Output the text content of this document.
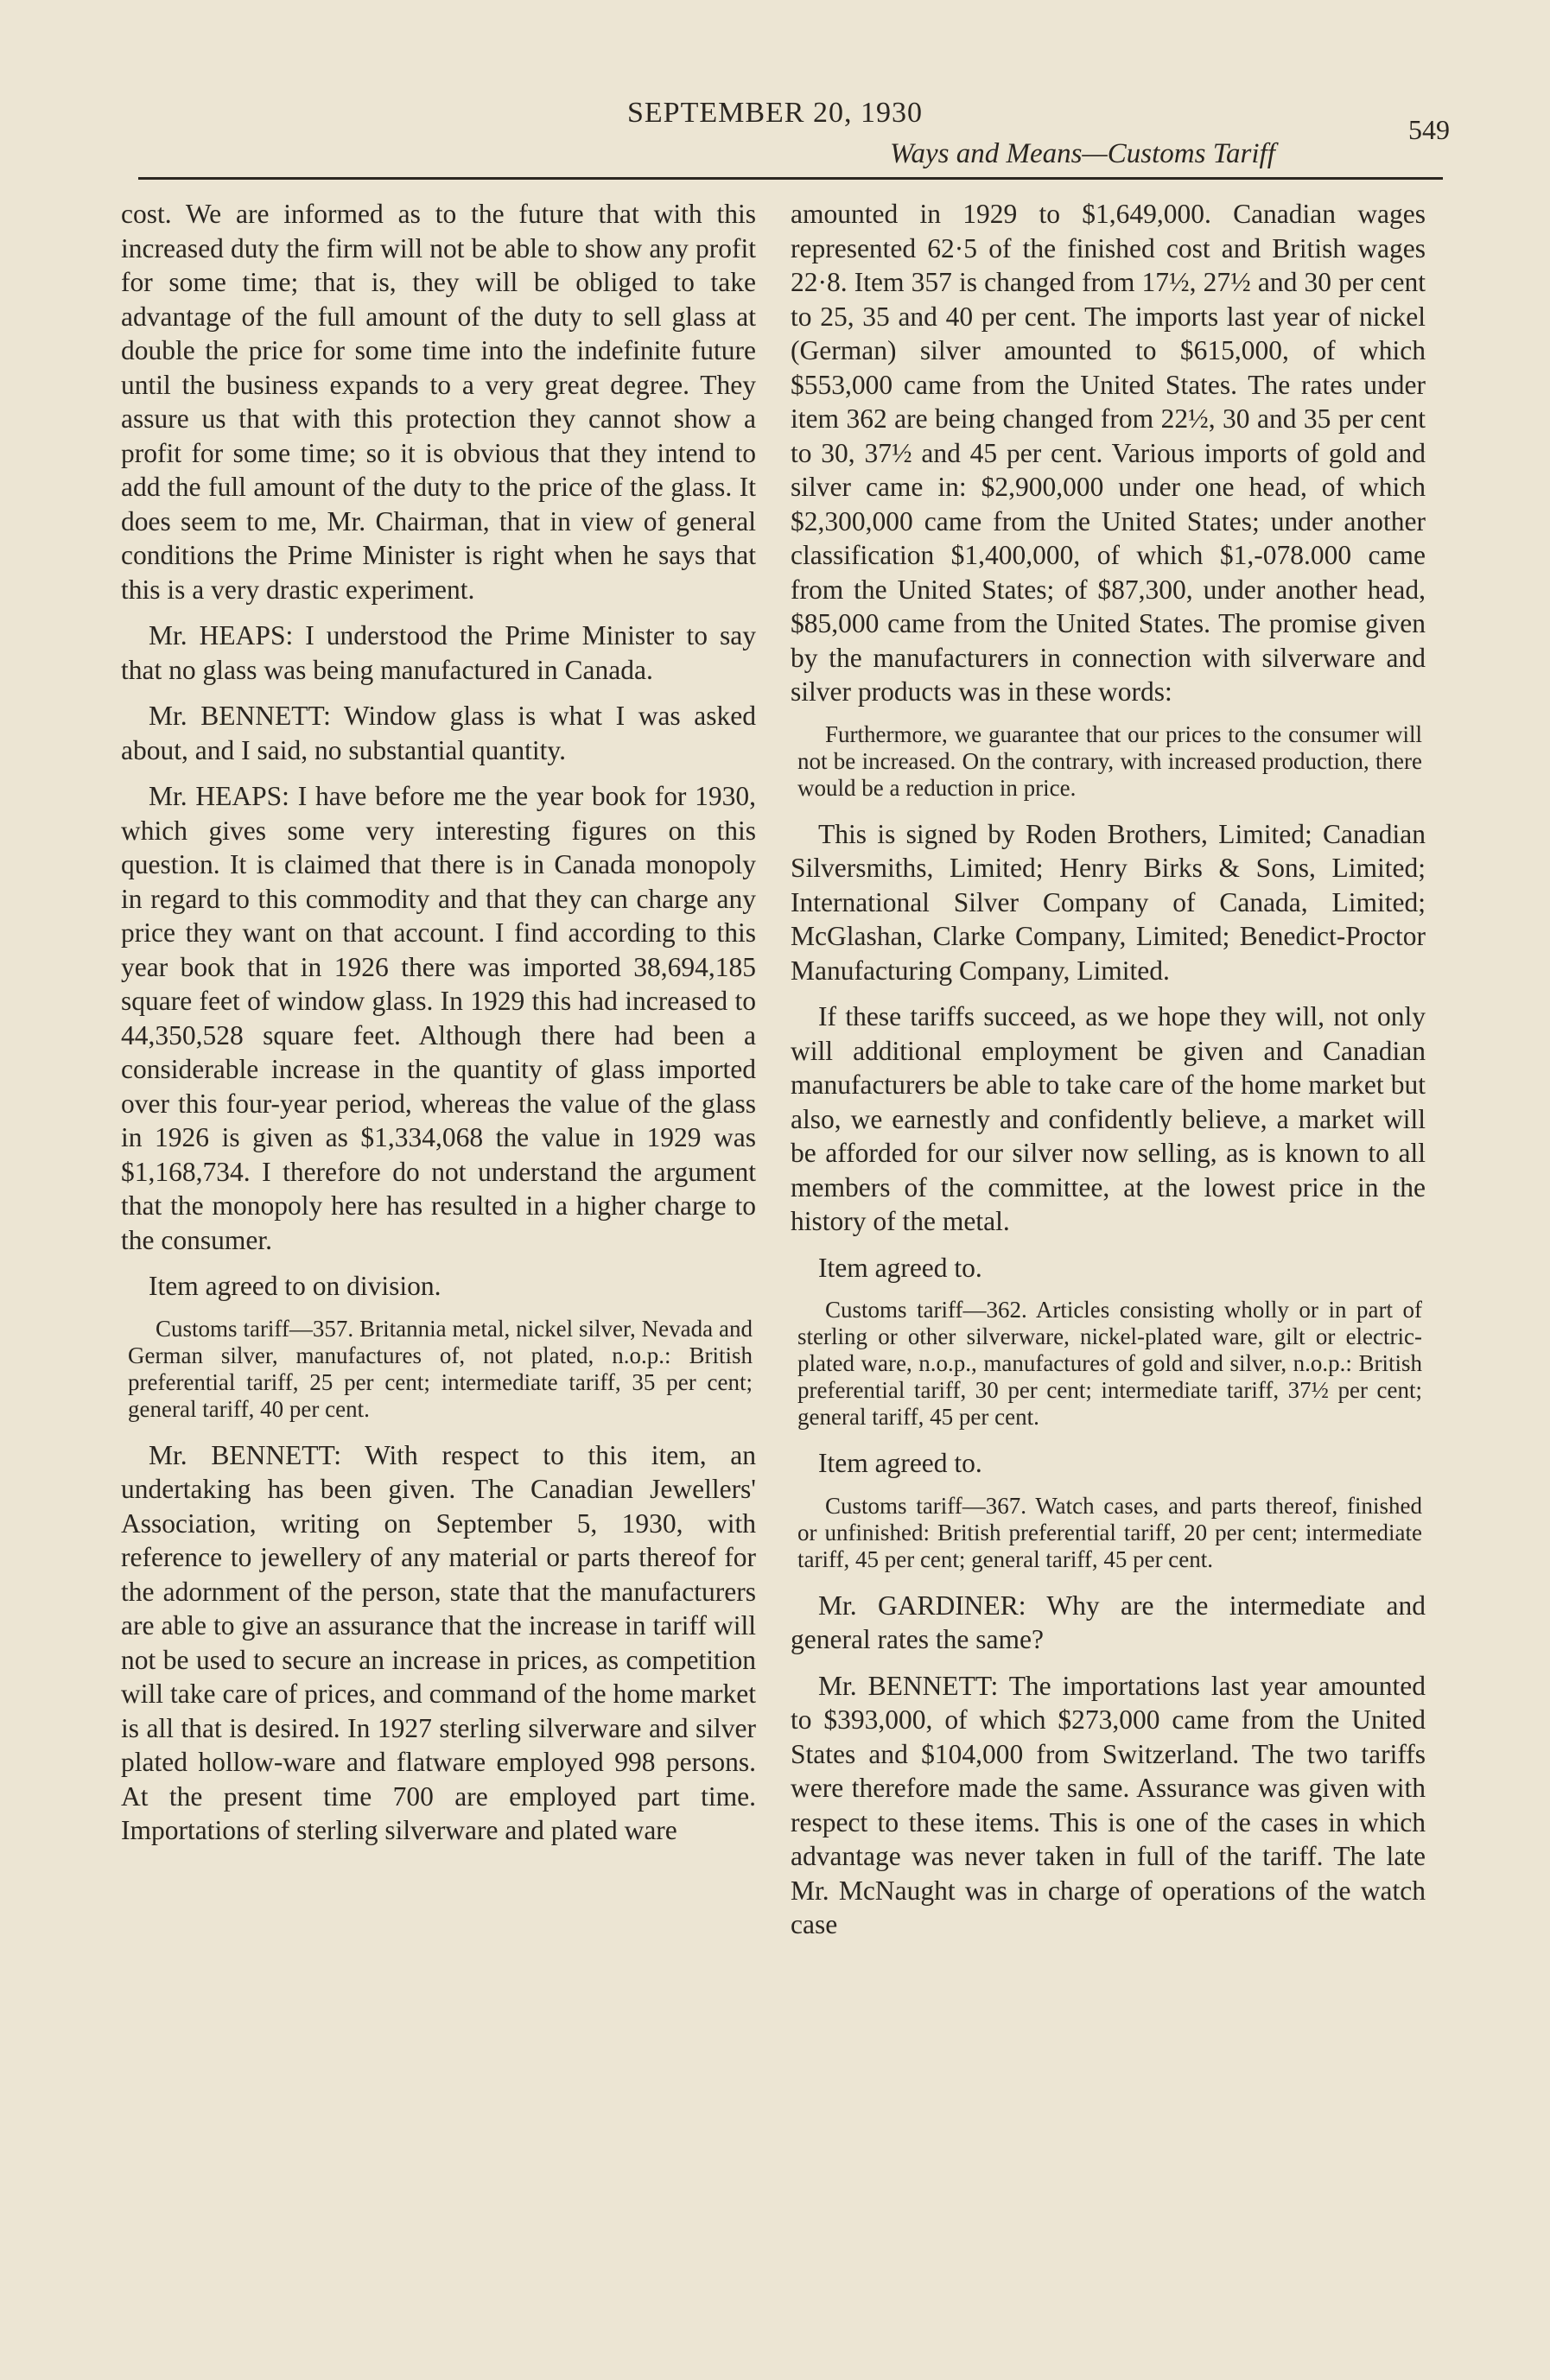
SEPTEMBER 20, 1930
549
Ways and Means—Customs Tariff

cost. We are informed as to the future that with this increased duty the firm will not be able to show any profit for some time; that is, they will be obliged to take advantage of the full amount of the duty to sell glass at double the price for some time into the indefinite future until the business expands to a very great degree. They assure us that with this protection they cannot show a profit for some time; so it is obvious that they intend to add the full amount of the duty to the price of the glass. It does seem to me, Mr. Chairman, that in view of general conditions the Prime Minister is right when he says that this is a very drastic experiment.

Mr. HEAPS: I understood the Prime Minister to say that no glass was being manufactured in Canada.

Mr. BENNETT: Window glass is what I was asked about, and I said, no substantial quantity.

Mr. HEAPS: I have before me the year book for 1930, which gives some very interesting figures on this question. It is claimed that there is in Canada monopoly in regard to this commodity and that they can charge any price they want on that account. I find according to this year book that in 1926 there was imported 38,694,185 square feet of window glass. In 1929 this had increased to 44,350,528 square feet. Although there had been a considerable increase in the quantity of glass imported over this four-year period, whereas the value of the glass in 1926 is given as $1,334,068 the value in 1929 was $1,168,734. I therefore do not understand the argument that the monopoly here has resulted in a higher charge to the consumer.

Item agreed to on division.

Customs tariff—357. Britannia metal, nickel silver, Nevada and German silver, manufactures of, not plated, n.o.p.: British preferential tariff, 25 per cent; intermediate tariff, 35 per cent; general tariff, 40 per cent.

Mr. BENNETT: With respect to this item, an undertaking has been given. The Canadian Jewellers' Association, writing on September 5, 1930, with reference to jewellery of any material or parts thereof for the adornment of the person, state that the manufacturers are able to give an assurance that the increase in tariff will not be used to secure an increase in prices, as competition will take care of prices, and command of the home market is all that is desired. In 1927 sterling silverware and silver plated hollow-ware and flatware employed 998 persons. At the present time 700 are employed part time. Importations of sterling silverware and plated ware

amounted in 1929 to $1,649,000. Canadian wages represented 62·5 of the finished cost and British wages 22·8. Item 357 is changed from 17½, 27½ and 30 per cent to 25, 35 and 40 per cent. The imports last year of nickel (German) silver amounted to $615,000, of which $553,000 came from the United States. The rates under item 362 are being changed from 22½, 30 and 35 per cent to 30, 37½ and 45 per cent. Various imports of gold and silver came in: $2,900,000 under one head, of which $2,300,000 came from the United States; under another classification $1,400,000, of which $1,-078.000 came from the United States; of $87,300, under another head, $85,000 came from the United States. The promise given by the manufacturers in connection with silverware and silver products was in these words:

Furthermore, we guarantee that our prices to the consumer will not be increased. On the contrary, with increased production, there would be a reduction in price.

This is signed by Roden Brothers, Limited; Canadian Silversmiths, Limited; Henry Birks & Sons, Limited; International Silver Company of Canada, Limited; McGlashan, Clarke Company, Limited; Benedict-Proctor Manufacturing Company, Limited.

If these tariffs succeed, as we hope they will, not only will additional employment be given and Canadian manufacturers be able to take care of the home market but also, we earnestly and confidently believe, a market will be afforded for our silver now selling, as is known to all members of the committee, at the lowest price in the history of the metal.

Item agreed to.

Customs tariff—362. Articles consisting wholly or in part of sterling or other silverware, nickel-plated ware, gilt or electric-plated ware, n.o.p., manufactures of gold and silver, n.o.p.: British preferential tariff, 30 per cent; intermediate tariff, 37½ per cent; general tariff, 45 per cent.

Item agreed to.

Customs tariff—367. Watch cases, and parts thereof, finished or unfinished: British preferential tariff, 20 per cent; intermediate tariff, 45 per cent; general tariff, 45 per cent.

Mr. GARDINER: Why are the intermediate and general rates the same?

Mr. BENNETT: The importations last year amounted to $393,000, of which $273,000 came from the United States and $104,000 from Switzerland. The two tariffs were therefore made the same. Assurance was given with respect to these items. This is one of the cases in which advantage was never taken in full of the tariff. The late Mr. McNaught was in charge of operations of the watch case
